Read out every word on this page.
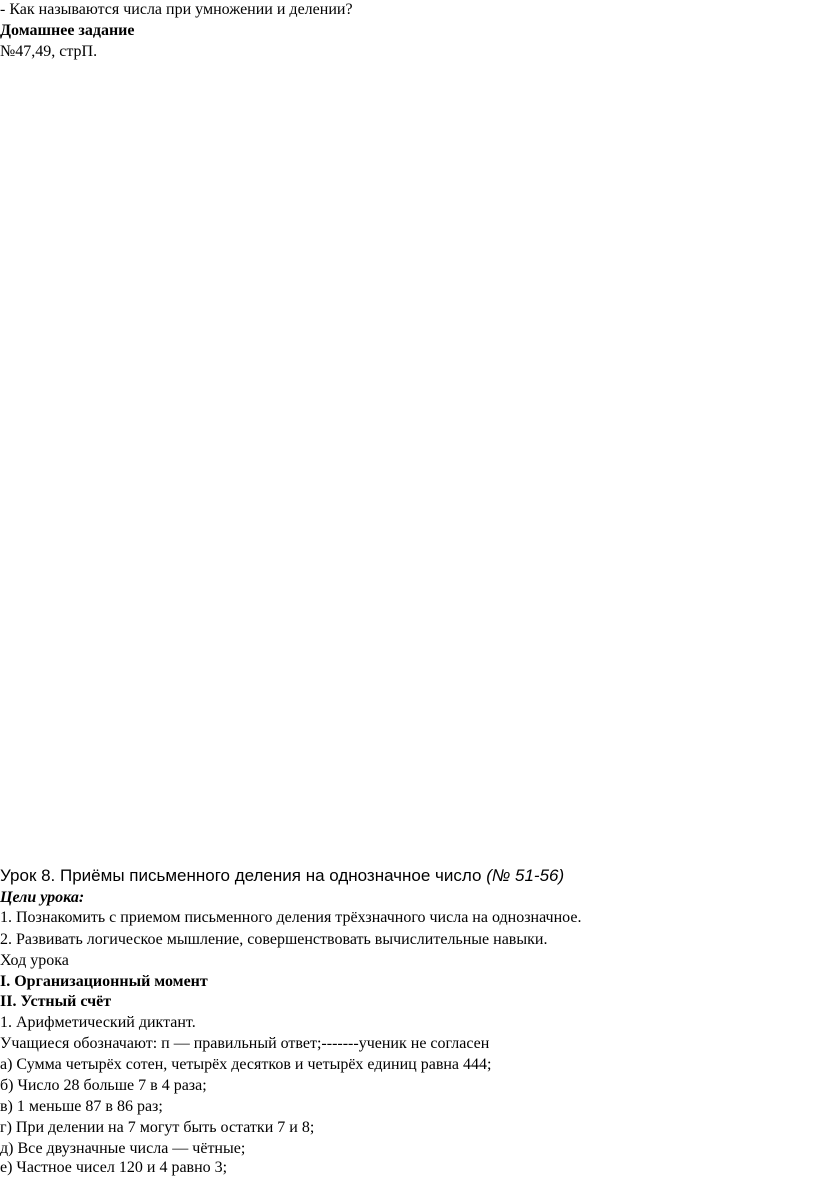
- Как называются числа при умножении и делении?
Домашнее задание
№47,49, стрП.
Урок 8. Приёмы письменного деления на однозначное число (№ 51-56)
Цели урока:
1. Познакомить с приемом письменного деления трёхзначного числа на однозначное.
2. Развивать логическое мышление, совершенствовать вычислительные навыки.
Ход урока
I. Организационный момент
II. Устный счёт
1. Арифметический диктант.
Учащиеся обозначают: п — правильный ответ;-------ученик не согласен
а) Сумма четырёх сотен, четырёх десятков и четырёх единиц равна 444;
б) Число 28 больше 7 в 4 раза;
в) 1 меньше 87 в 86 раз;
г) При делении на 7 могут быть остатки 7 и 8;
д) Все двузначные числа — чётные;
е) Частное чисел 120 и 4 равно 3;
